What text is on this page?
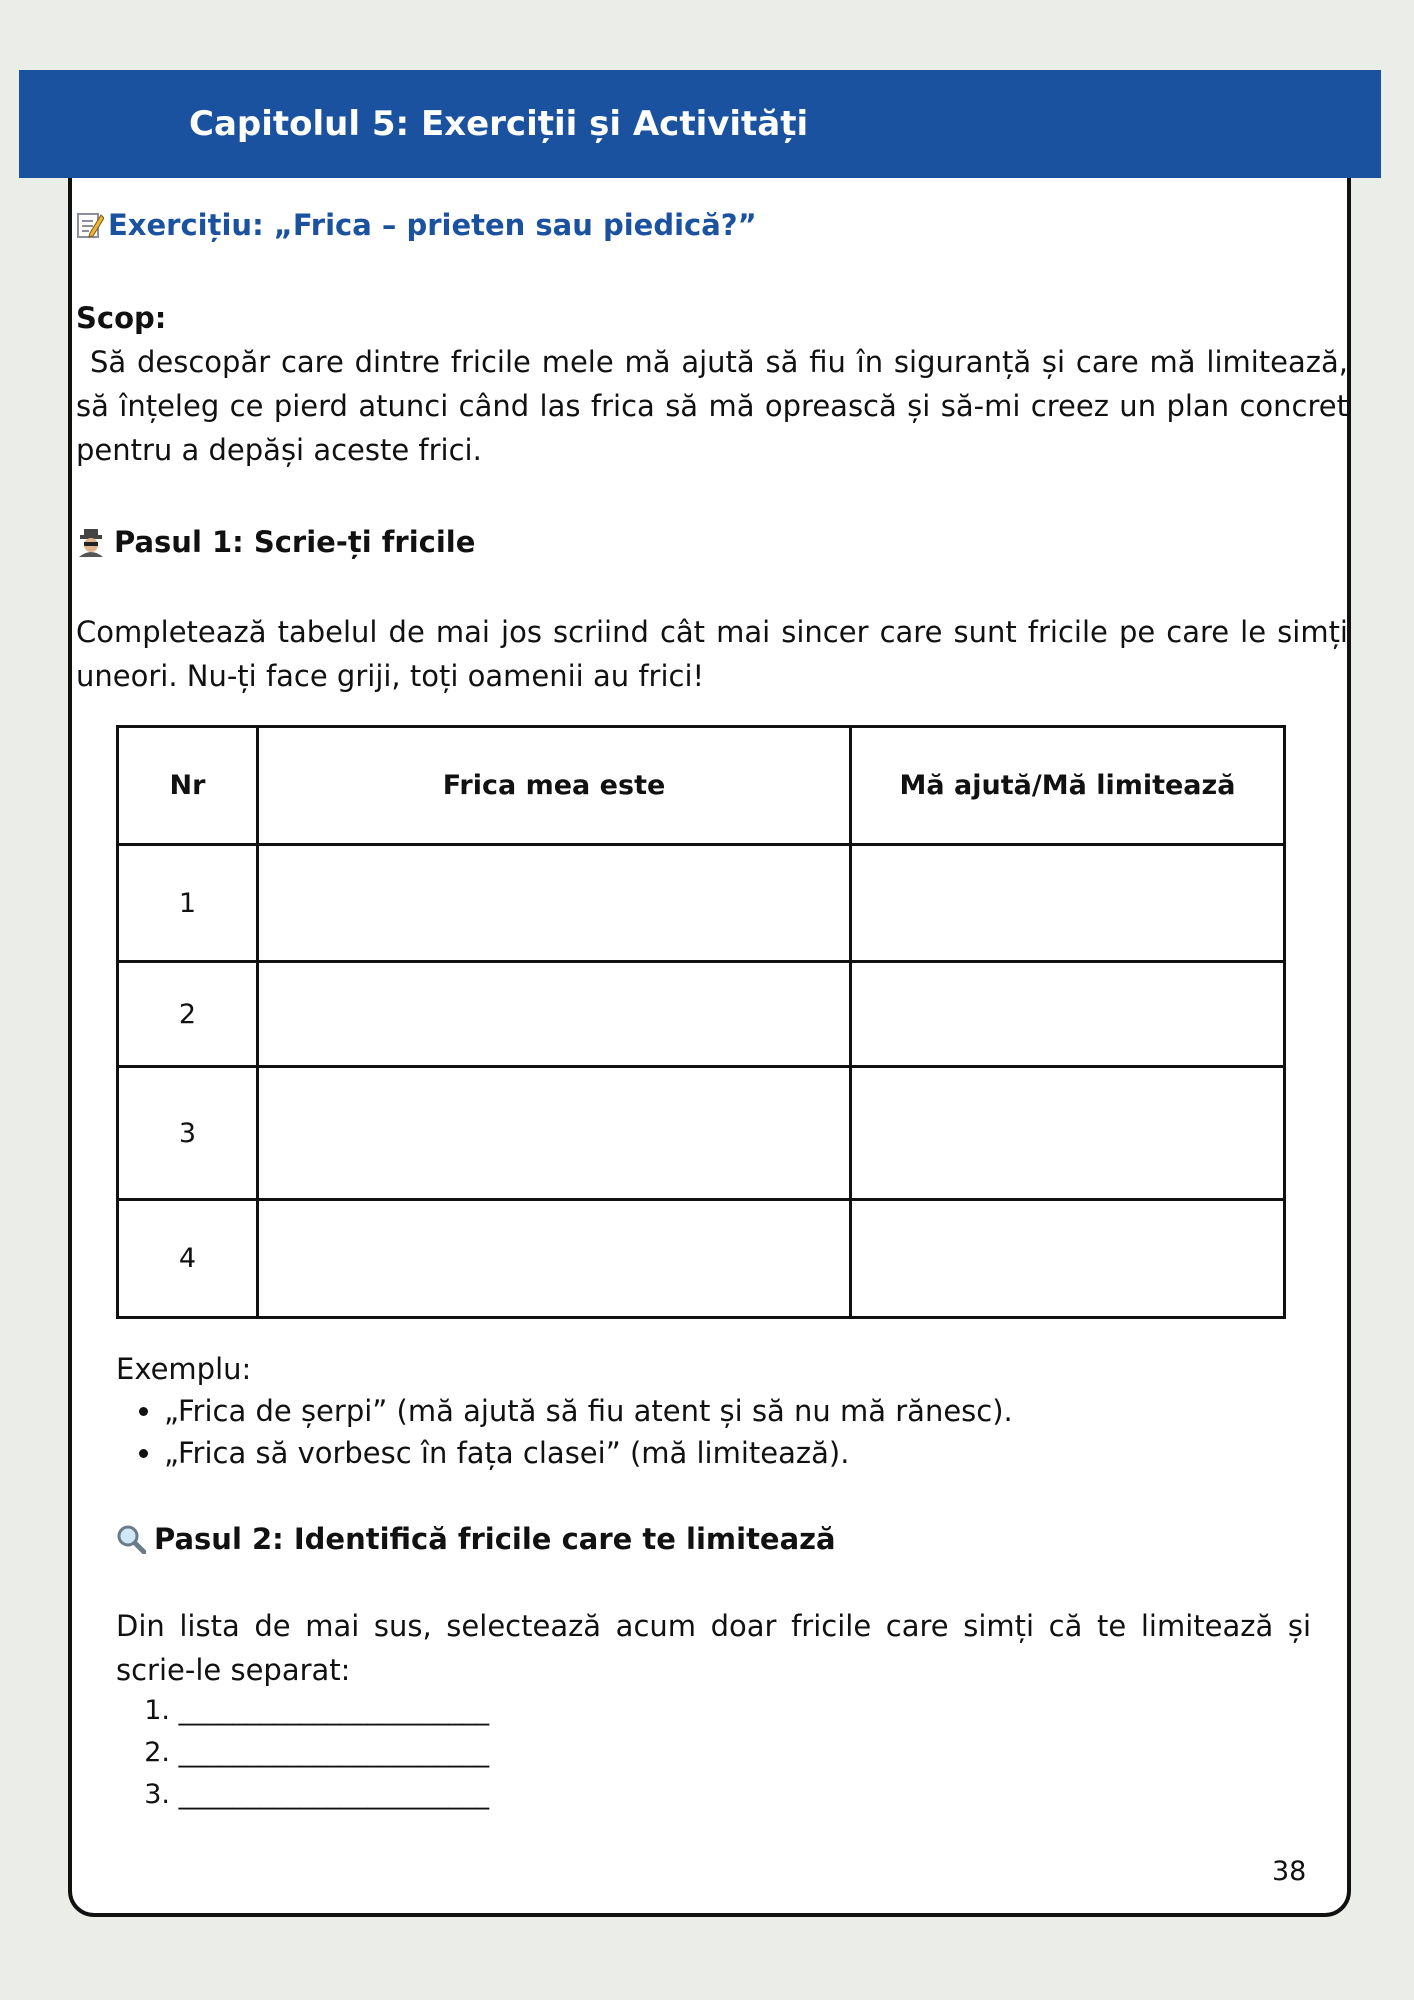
Capitolul 5: Exerciții și Activități

Exercițiu: „Frica – prieten sau piedică?”

Scop:

Să descopăr care dintre fricile mele mă ajută să fiu în siguranță și care mă limitează, să înțeleg ce pierd atunci când las frica să mă oprească și să-mi creez un plan concret pentru a depăși aceste frici.

Pasul 1: Scrie-ți fricile

Completează tabelul de mai jos scriind cât mai sincer care sunt fricile pe care le simți uneori. Nu-ți face griji, toți oamenii au frici!

Nr	Frica mea este	Mă ajută/Mă limitează
1		
2		
3		
4		
Exemplu:
• „Frica de șerpi” (mă ajută să fiu atent și să nu mă rănesc).
• „Frica să vorbesc în fața clasei” (mă limitează).

Pasul 2: Identifică fricile care te limitează

Din lista de mai sus, selectează acum doar fricile care simți că te limitează și scrie-le separat:

1. _______________________
2. _______________________
3. _______________________

38
